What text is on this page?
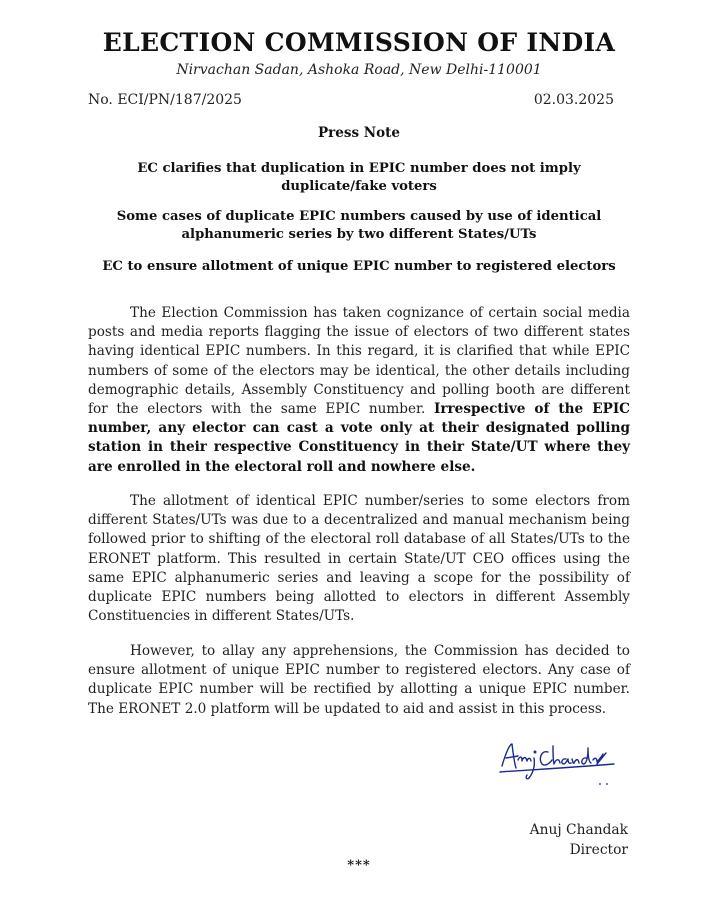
ELECTION COMMISSION OF INDIA
Nirvachan Sadan, Ashoka Road, New Delhi-110001
No. ECI/PN/187/2025	02.03.2025
Press Note
EC clarifies that duplication in EPIC number does not imply duplicate/fake voters
Some cases of duplicate EPIC numbers caused by use of identical alphanumeric series by two different States/UTs
EC to ensure allotment of unique EPIC number to registered electors
The Election Commission has taken cognizance of certain social media posts and media reports flagging the issue of electors of two different states having identical EPIC numbers. In this regard, it is clarified that while EPIC numbers of some of the electors may be identical, the other details including demographic details, Assembly Constituency and polling booth are different for the electors with the same EPIC number. Irrespective of the EPIC number, any elector can cast a vote only at their designated polling station in their respective Constituency in their State/UT where they are enrolled in the electoral roll and nowhere else.
The allotment of identical EPIC number/series to some electors from different States/UTs was due to a decentralized and manual mechanism being followed prior to shifting of the electoral roll database of all States/UTs to the ERONET platform. This resulted in certain State/UT CEO offices using the same EPIC alphanumeric series and leaving a scope for the possibility of duplicate EPIC numbers being allotted to electors in different Assembly Constituencies in different States/UTs.
However, to allay any apprehensions, the Commission has decided to ensure allotment of unique EPIC number to registered electors. Any case of duplicate EPIC number will be rectified by allotting a unique EPIC number. The ERONET 2.0 platform will be updated to aid and assist in this process.
Anuj Chandak
Director
***
